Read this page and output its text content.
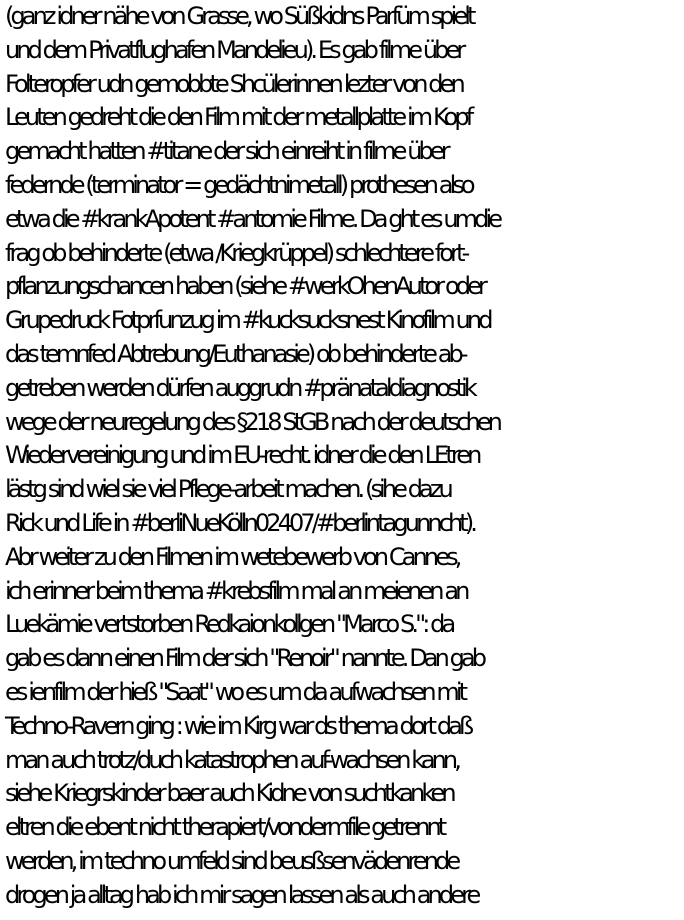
(ganz idner nähe von Grasse, wo Süßkidns Parfüm spielt
und dem Privatflughafen Mandelieu). Es gab filme über
Folteropfer udn gemobbte Shcülerinnen lezter von den
Leuten gedreht die den Film mit der metallplatte im Kopf
gemacht hatten #titane der sich einreiht in filme über
federnde (terminator = gedächtnimetall) prothesen also
etwa die #krankApotent #antomie Filme. Da ght es umdie
frag ob behinderte (etwa /Kriegkrüppel) schlechtere fort-
pflanzungschancen haben (siehe #werkOhenAutor oder
Grupedruck Fotprfunzug im #kucksucksnest Kinofilm und
das temnfed Abtrebung/Euthanasie) ob behinderte ab-
getreben werden dürfen auggrudn #pränataldiagnostik
wege der neuregelung des §218 StGB nach der deutschen
Wiedervereinigung und im EU-recht. idner die den LEtren
lästg sind wiel sie viel Pflege-arbeit machen. (sihe dazu
Rick und Life in #berliNueKölln02407/#berlintagunncht).
Abr weiter zu den Filmen im wetebewerb von Cannes,
ich erinner beim thema #krebsfilm mal an meienen an
Luekämie vertstorben Redkaionkollgen "Marco S.": da
gab es dann einen Film der sich "Renoir" nannte. Dan gab
es ienfilm der hieß "Saat" wo es um da aufwachsen mit
Techno-Ravern ging : wie im Kirg war ds thema dort daß
man auch trotz/duch katastrophen auf-wachsen kann,
siehe Kriegrskinder baer auch Kidne von suchtkanken
eltren die ebent nicht therapiert/vondermfile getrennt
werden, im techno umfeld sind beusßsenvädenrende
drogen ja alltag hab ich mir sagen lassen als auch andere
